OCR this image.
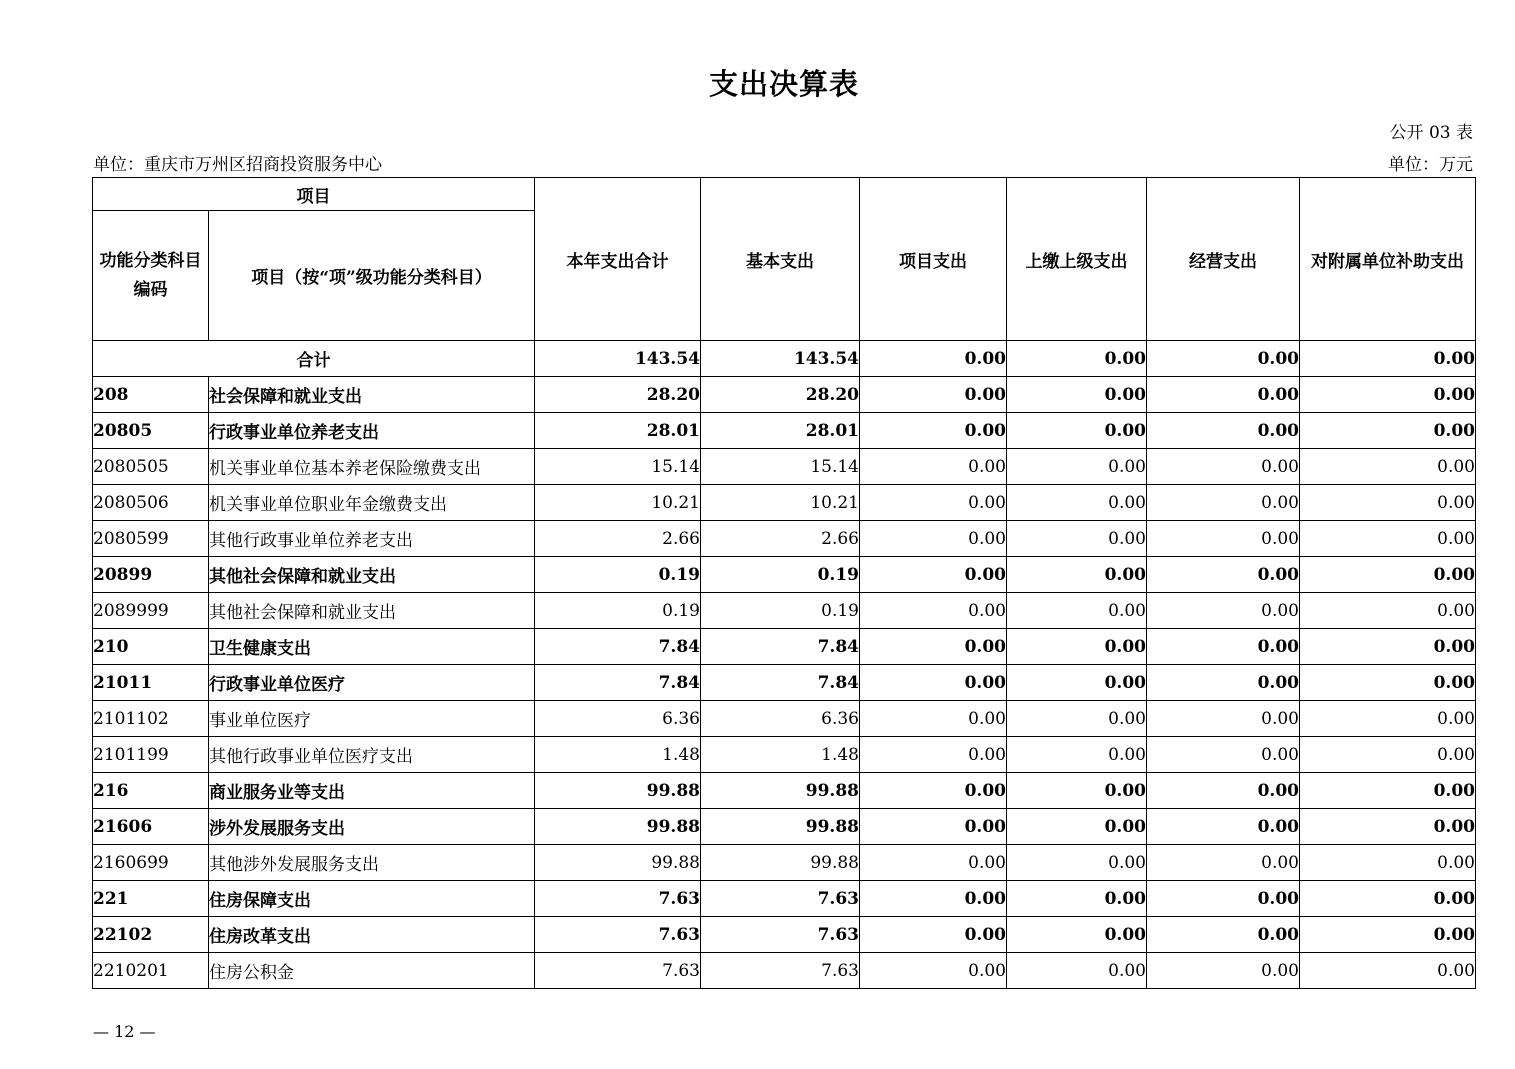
支出决算表
公开 03 表
单位：重庆市万州区招商投资服务中心	单位：万元
项目		本年支出合计	基本支出	项目支出	上缴上级支出	经营支出	对附属单位补助支出
功能分类科目编码	项目（按“项”级功能分类科目）						
合计		143.54	143.54	0.00	0.00	0.00	0.00
208	社会保障和就业支出	28.20	28.20	0.00	0.00	0.00	0.00
20805	行政事业单位养老支出	28.01	28.01	0.00	0.00	0.00	0.00
2080505	机关事业单位基本养老保险缴费支出	15.14	15.14	0.00	0.00	0.00	0.00
2080506	机关事业单位职业年金缴费支出	10.21	10.21	0.00	0.00	0.00	0.00
2080599	其他行政事业单位养老支出	2.66	2.66	0.00	0.00	0.00	0.00
20899	其他社会保障和就业支出	0.19	0.19	0.00	0.00	0.00	0.00
2089999	其他社会保障和就业支出	0.19	0.19	0.00	0.00	0.00	0.00
210	卫生健康支出	7.84	7.84	0.00	0.00	0.00	0.00
21011	行政事业单位医疗	7.84	7.84	0.00	0.00	0.00	0.00
2101102	事业单位医疗	6.36	6.36	0.00	0.00	0.00	0.00
2101199	其他行政事业单位医疗支出	1.48	1.48	0.00	0.00	0.00	0.00
216	商业服务业等支出	99.88	99.88	0.00	0.00	0.00	0.00
21606	涉外发展服务支出	99.88	99.88	0.00	0.00	0.00	0.00
2160699	其他涉外发展服务支出	99.88	99.88	0.00	0.00	0.00	0.00
221	住房保障支出	7.63	7.63	0.00	0.00	0.00	0.00
22102	住房改革支出	7.63	7.63	0.00	0.00	0.00	0.00
2210201	住房公积金	7.63	7.63	0.00	0.00	0.00	0.00
— 12 —
